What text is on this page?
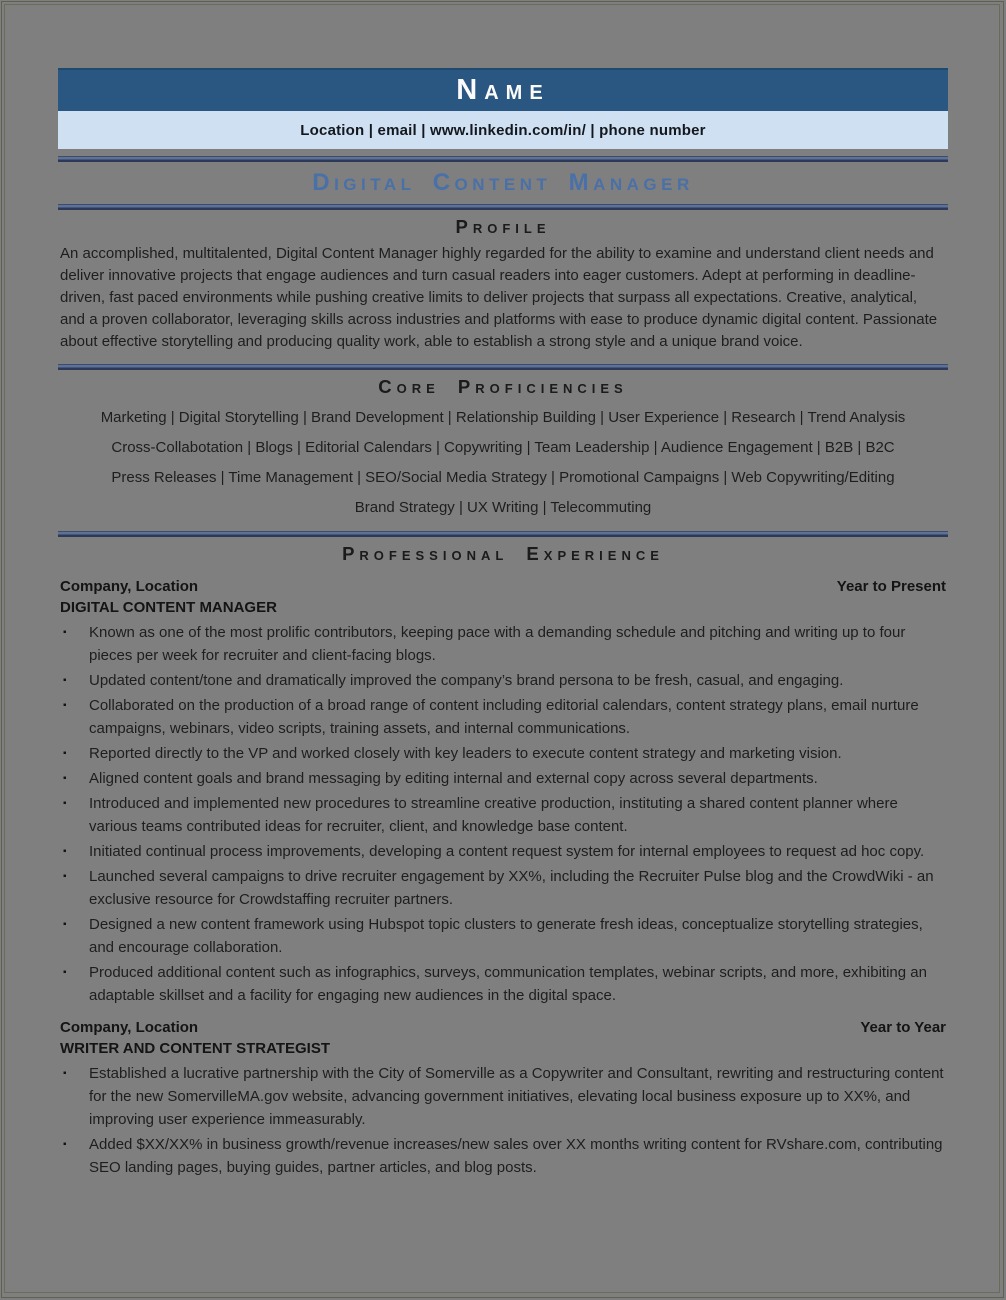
Name
Location | email | www.linkedin.com/in/ | phone number
Digital Content Manager
Profile
An accomplished, multitalented, Digital Content Manager highly regarded for the ability to examine and understand client needs and deliver innovative projects that engage audiences and turn casual readers into eager customers. Adept at performing in deadline-driven, fast paced environments while pushing creative limits to deliver projects that surpass all expectations. Creative, analytical, and a proven collaborator, leveraging skills across industries and platforms with ease to produce dynamic digital content. Passionate about effective storytelling and producing quality work, able to establish a strong style and a unique brand voice.
Core Proficiencies
Marketing | Digital Storytelling | Brand Development | Relationship Building | User Experience | Research | Trend Analysis
Cross-Collabotation | Blogs | Editorial Calendars | Copywriting | Team Leadership | Audience Engagement | B2B | B2C
Press Releases | Time Management | SEO/Social Media Strategy | Promotional Campaigns | Web Copywriting/Editing
Brand Strategy | UX Writing | Telecommuting
Professional Experience
Company, Location	Year to Present
DIGITAL CONTENT MANAGER
▪	Known as one of the most prolific contributors, keeping pace with a demanding schedule and pitching and writing up to four pieces per week for recruiter and client-facing blogs.
▪	Updated content/tone and dramatically improved the company’s brand persona to be fresh, casual, and engaging.
▪	Collaborated on the production of a broad range of content including editorial calendars, content strategy plans, email nurture campaigns, webinars, video scripts, training assets, and internal communications.
▪	Reported directly to the VP and worked closely with key leaders to execute content strategy and marketing vision.
▪	Aligned content goals and brand messaging by editing internal and external copy across several departments.
▪	Introduced and implemented new procedures to streamline creative production, instituting a shared content planner where various teams contributed ideas for recruiter, client, and knowledge base content.
▪	Initiated continual process improvements, developing a content request system for internal employees to request ad hoc copy.
▪	Launched several campaigns to drive recruiter engagement by XX%, including the Recruiter Pulse blog and the CrowdWiki - an exclusive resource for Crowdstaffing recruiter partners.
▪	Designed a new content framework using Hubspot topic clusters to generate fresh ideas, conceptualize storytelling strategies, and encourage collaboration.
▪	Produced additional content such as infographics, surveys, communication templates, webinar scripts, and more, exhibiting an adaptable skillset and a facility for engaging new audiences in the digital space.
Company, Location	Year to Year
WRITER AND CONTENT STRATEGIST
▪	Established a lucrative partnership with the City of Somerville as a Copywriter and Consultant, rewriting and restructuring content for the new SomervilleMA.gov website, advancing government initiatives, elevating local business exposure up to XX%, and improving user experience immeasurably.
▪	Added $XX/XX% in business growth/revenue increases/new sales over XX months writing content for RVshare.com, contributing SEO landing pages, buying guides, partner articles, and blog posts.
